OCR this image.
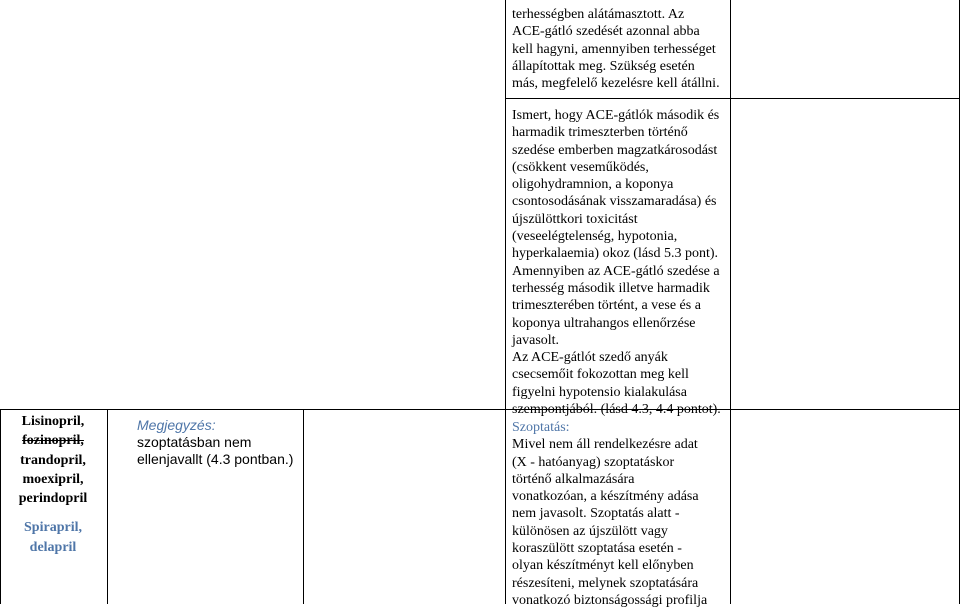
terhességben alátámasztott. Az
ACE-gátló szedését azonnal abba
kell hagyni, amennyiben terhességet
állapítottak meg. Szükség esetén
más, megfelelő kezelésre kell átállni.
Ismert, hogy ACE-gátlók második és
harmadik trimeszterben történő
szedése emberben magzatkárosodást
(csökkent veseműködés,
oligohydramnion, a koponya
csontosodásának visszamaradása) és
újszülöttkori toxicitást
(veseelégtelenség, hypotonia,
hyperkalaemia) okoz (lásd 5.3 pont).
Amennyiben az ACE-gátló szedése a
terhesség második illetve harmadik
trimeszterében történt, a vese és a
koponya ultrahangos ellenőrzése
javasolt.
Az ACE-gátlót szedő anyák
csecsemőit fokozottan meg kell
figyelni hypotensio kialakulása
szempontjából. (lásd 4.3, 4.4 pontot).
Szoptatás:
Mivel nem áll rendelkezésre adat
(X - hatóanyag) szoptatáskor
történő alkalmazására
vonatkozóan, a készítmény adása
nem javasolt. Szoptatás alatt -
különösen az újszülött vagy
koraszülött szoptatása esetén -
olyan készítményt kell előnyben
részesíteni, melynek szoptatására
vonatkozó biztonságossági profilja
Lisinopril,
fozinopril,
trandopril,
moexipril,
perindopril
Spirapril,
delapril
Megjegyzés: szoptatásban nem ellenjavallt (4.3 pontban.)
